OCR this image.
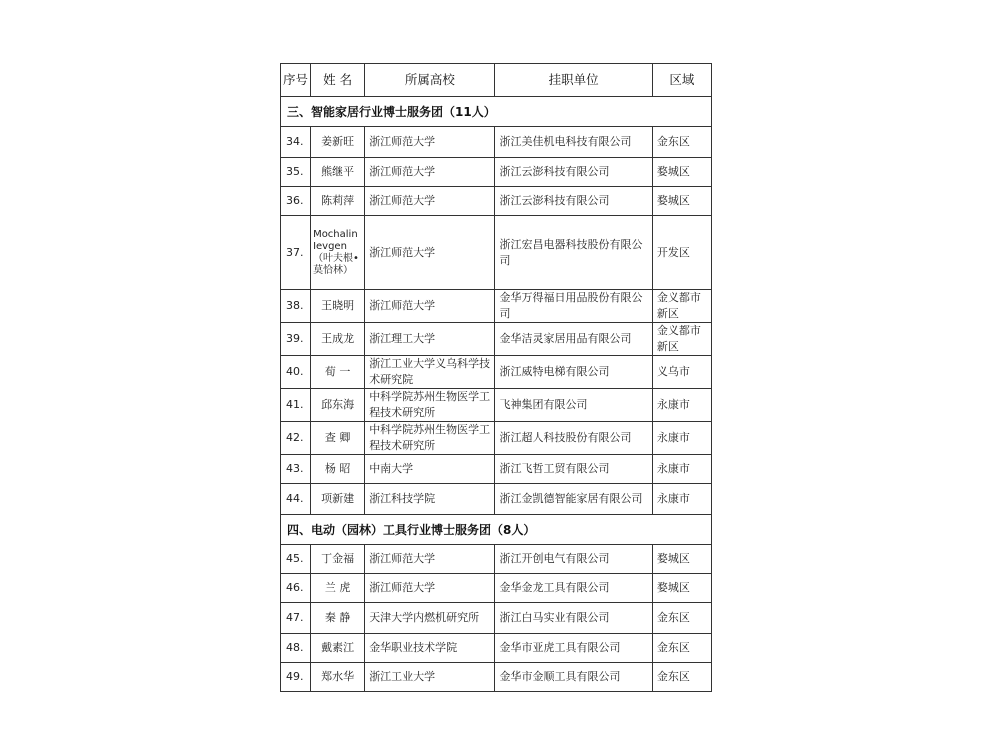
序号	姓 名	所属高校	挂职单位	区域
三、智能家居行业博士服务团（11人）				
34.	姜新旺	浙江师范大学	浙江美佳机电科技有限公司	金东区
35.	熊继平	浙江师范大学	浙江云澎科技有限公司	婺城区
36.	陈莉萍	浙江师范大学	浙江云澎科技有限公司	婺城区
37.	Mochalin Ievgen（叶夫根•莫恰林）	浙江师范大学	浙江宏昌电器科技股份有限公司	开发区
38.	王晓明	浙江师范大学	金华万得福日用品股份有限公司	金义都市新区
39.	王成龙	浙江理工大学	金华洁灵家居用品有限公司	金义都市新区
40.	荀 一	浙江工业大学义乌科学技术研究院	浙江威特电梯有限公司	义乌市
41.	邱东海	中科学院苏州生物医学工程技术研究所	飞神集团有限公司	永康市
42.	查 卿	中科学院苏州生物医学工程技术研究所	浙江超人科技股份有限公司	永康市
43.	杨 昭	中南大学	浙江飞哲工贸有限公司	永康市
44.	项新建	浙江科技学院	浙江金凯德智能家居有限公司	永康市
四、电动（园林）工具行业博士服务团（8人）				
45.	丁金福	浙江师范大学	浙江开创电气有限公司	婺城区
46.	兰 虎	浙江师范大学	金华金龙工具有限公司	婺城区
47.	秦 静	天津大学内燃机研究所	浙江白马实业有限公司	金东区
48.	戴素江	金华职业技术学院	金华市亚虎工具有限公司	金东区
49.	郑水华	浙江工业大学	金华市金顺工具有限公司	金东区
